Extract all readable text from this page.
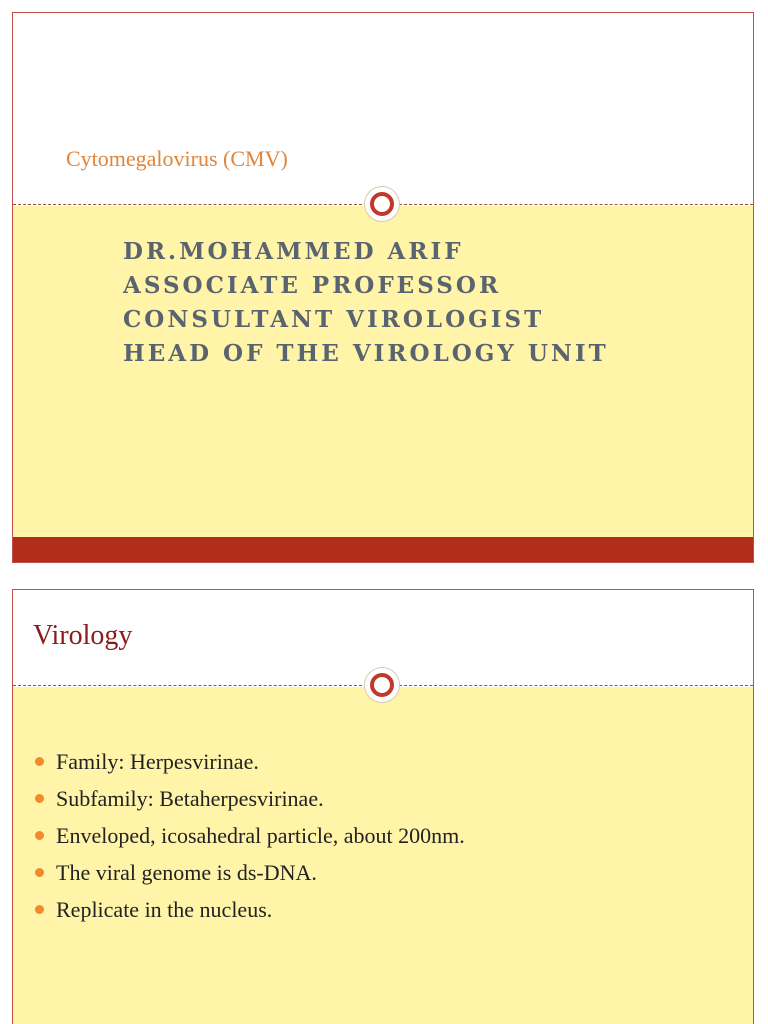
Cytomegalovirus (CMV)
DR.MOHAMMED ARIF
ASSOCIATE PROFESSOR
CONSULTANT VIROLOGIST
HEAD OF THE VIROLOGY UNIT
Virology
Family: Herpesvirinae.
Subfamily: Betaherpesvirinae.
Enveloped, icosahedral particle, about 200nm.
The viral genome is ds-DNA.
Replicate in the nucleus.
